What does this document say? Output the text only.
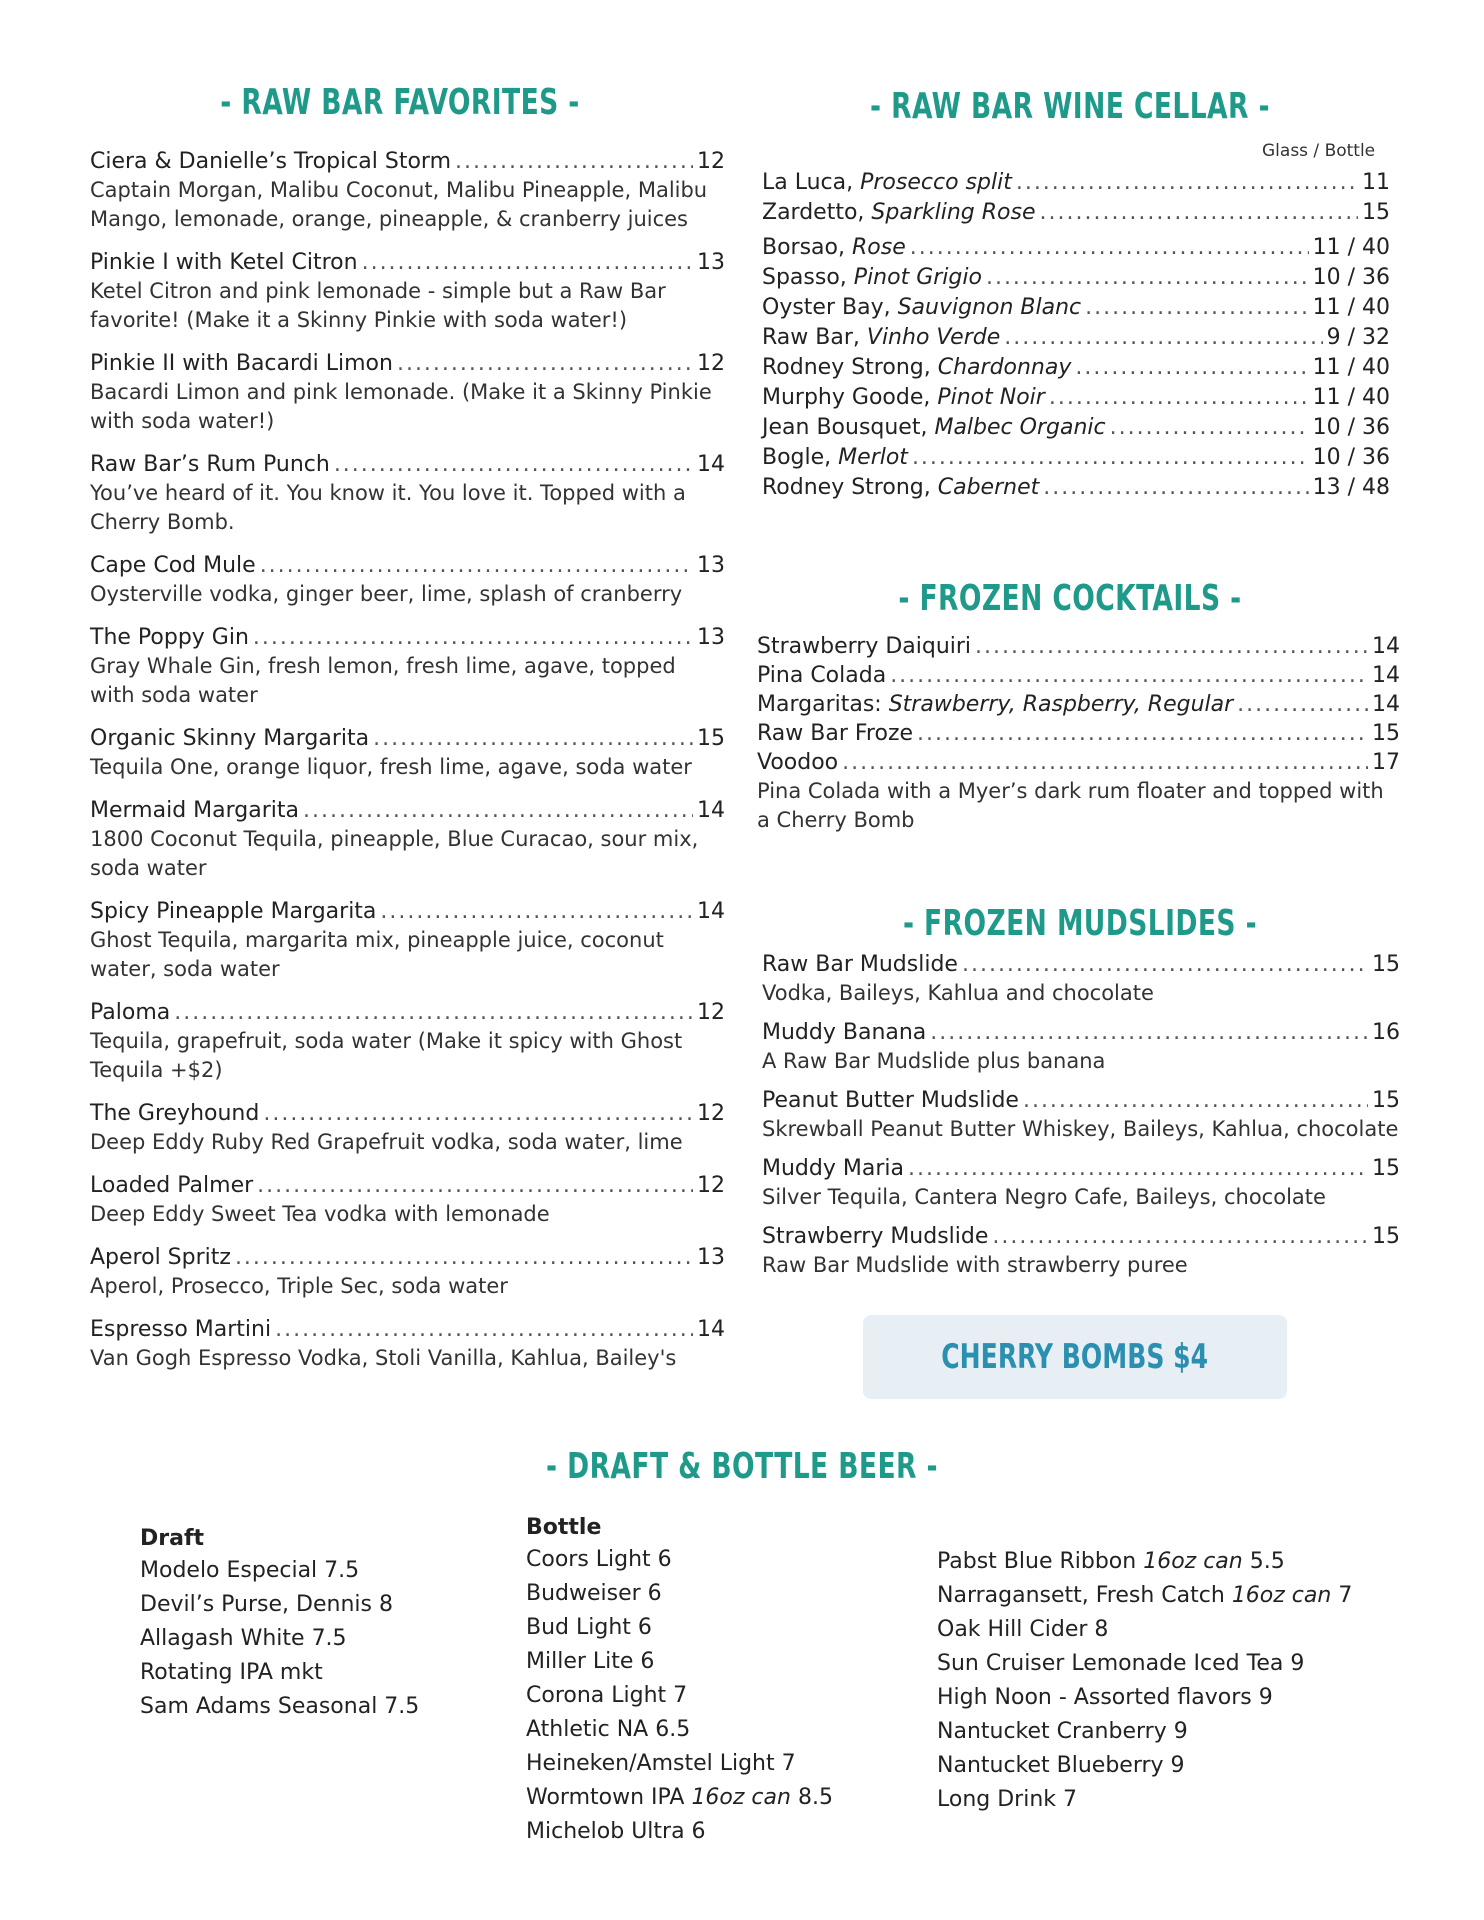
- RAW BAR FAVORITES -	- RAW BAR WINE CELLAR -
- FROZEN COCKTAILS -
- FROZEN MUDSLIDES -
- DRAFT & BOTTLE BEER -
Ciera & Danielle’s Tropical Storm .....	12
Captain Morgan, Malibu Coconut, Malibu Pineapple, Malibu Mango, lemonade, orange, pineapple, & cranberry juices
Pinkie I with Ketel Citron .....	13
Ketel Citron and pink lemonade - simple but a Raw Bar favorite! (Make it a Skinny Pinkie with soda water!)
Pinkie II with Bacardi Limon .....	12
Bacardi Limon and pink lemonade. (Make it a Skinny Pinkie with soda water!)
Raw Bar’s Rum Punch .....	14
You’ve heard of it. You know it. You love it. Topped with a Cherry Bomb.
Cape Cod Mule .....	13
Oysterville vodka, ginger beer, lime, splash of cranberry
The Poppy Gin .....	13
Gray Whale Gin, fresh lemon, fresh lime, agave, topped with soda water
Organic Skinny Margarita .....	15
Tequila One, orange liquor, fresh lime, agave, soda water
Mermaid Margarita .....	14
1800 Coconut Tequila, pineapple, Blue Curacao, sour mix, soda water
Spicy Pineapple Margarita .....	14
Ghost Tequila, margarita mix, pineapple juice, coconut water, soda water
Paloma .....	12
Tequila, grapefruit, soda water (Make it spicy with Ghost Tequila +$2)
The Greyhound .....	12
Deep Eddy Ruby Red Grapefruit vodka, soda water, lime
Loaded Palmer .....	12
Deep Eddy Sweet Tea vodka with lemonade
Aperol Spritz .....	13
Aperol, Prosecco, Triple Sec, soda water
Espresso Martini .....	14
Van Gogh Espresso Vodka, Stoli Vanilla, Kahlua, Bailey's
Glass / Bottle
La Luca, Prosecco split .....	11
Zardetto, Sparkling Rose .....	15
Borsao, Rose .....	11 / 40
Spasso, Pinot Grigio .....	10 / 36
Oyster Bay, Sauvignon Blanc .....	11 / 40
Raw Bar, Vinho Verde .....	9 / 32
Rodney Strong, Chardonnay .....	11 / 40
Murphy Goode, Pinot Noir .....	11 / 40
Jean Bousquet, Malbec Organic .....	10 / 36
Bogle, Merlot .....	10 / 36
Rodney Strong, Cabernet .....	13 / 48
Strawberry Daiquiri .....	14
Pina Colada .....	14
Margaritas: Strawberry, Raspberry, Regular .....	14
Raw Bar Froze .....	15
Voodoo .....	17
Pina Colada with a Myer’s dark rum floater and topped with a Cherry Bomb
Raw Bar Mudslide .....	15
Vodka, Baileys, Kahlua and chocolate
Muddy Banana .....	16
A Raw Bar Mudslide plus banana
Peanut Butter Mudslide .....	15
Skrewball Peanut Butter Whiskey, Baileys, Kahlua, chocolate
Muddy Maria .....	15
Silver Tequila, Cantera Negro Cafe, Baileys, chocolate
Strawberry Mudslide .....	15
Raw Bar Mudslide with strawberry puree
CHERRY BOMBS $4
Draft
Modelo Especial 7.5
Devil’s Purse, Dennis 8
Allagash White 7.5
Rotating IPA mkt
Sam Adams Seasonal 7.5
Bottle
Coors Light 6
Budweiser 6
Bud Light 6
Miller Lite 6
Corona Light 7
Athletic NA 6.5
Heineken/Amstel Light 7
Wormtown IPA 16oz can 8.5
Michelob Ultra 6
Pabst Blue Ribbon 16oz can 5.5
Narragansett, Fresh Catch 16oz can 7
Oak Hill Cider 8
Sun Cruiser Lemonade Iced Tea 9
High Noon - Assorted flavors 9
Nantucket Cranberry 9
Nantucket Blueberry 9
Long Drink 7
